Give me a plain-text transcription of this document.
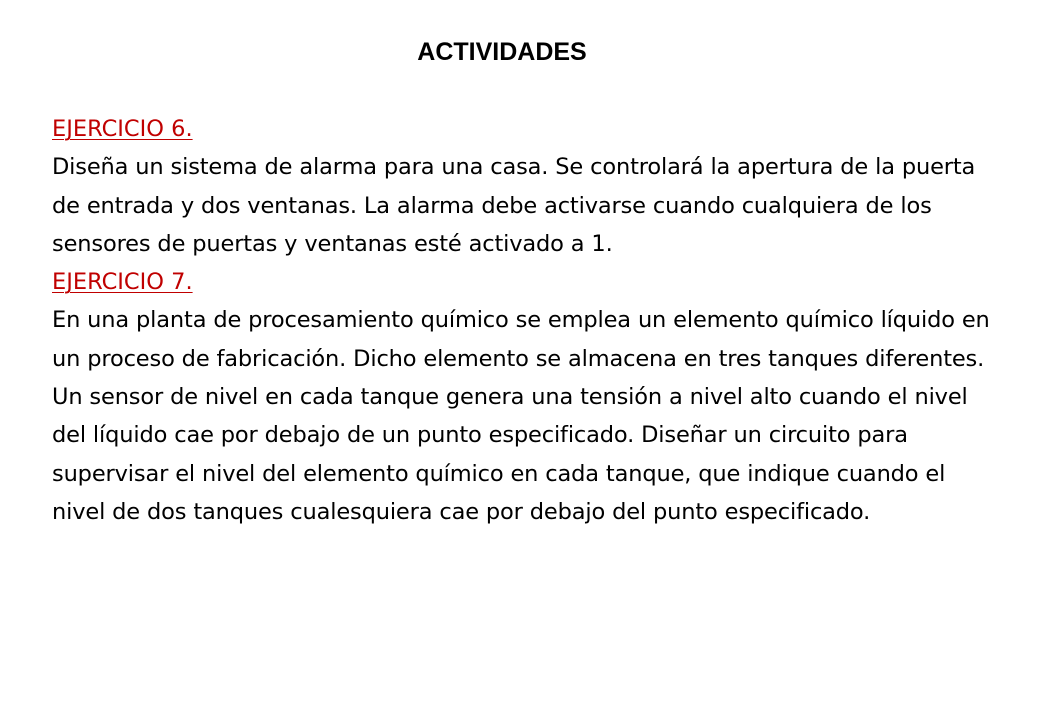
ACTIVIDADES
EJERCICIO 6.

Diseña un sistema de alarma para una casa. Se controlará la apertura de la puerta de entrada y dos ventanas. La alarma debe activarse cuando cualquiera de los sensores de puertas y ventanas esté activado a 1.

EJERCICIO 7.

En una planta de procesamiento químico se emplea un elemento químico líquido en un proceso de fabricación. Dicho elemento se almacena en tres tanques diferentes. Un sensor de nivel en cada tanque genera una tensión a nivel alto cuando el nivel del líquido cae por debajo de un punto especificado. Diseñar un circuito para supervisar el nivel del elemento químico en cada tanque, que indique cuando el nivel de dos tanques cualesquiera cae por debajo del punto especificado.
